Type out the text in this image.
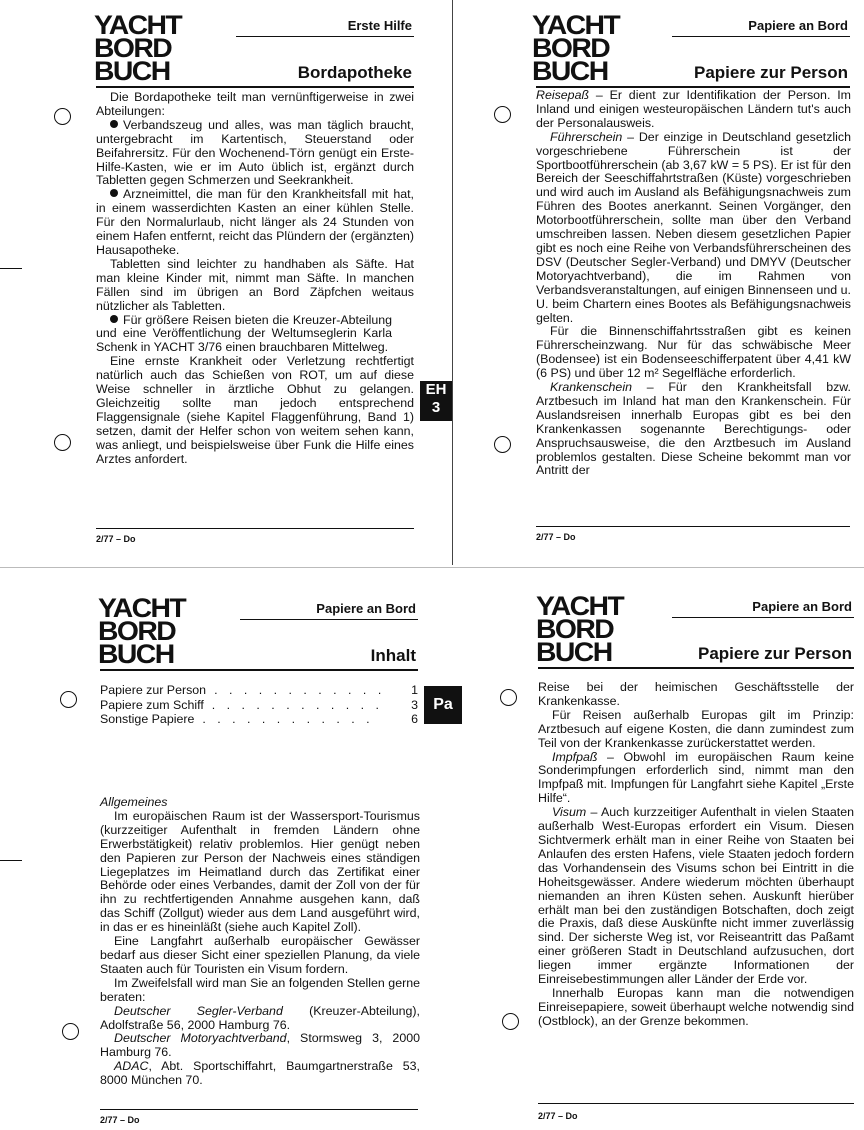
YACHT
BORD
BUCH
Erste Hilfe
Bordapotheke
EH
3

Die Bordapotheke teilt man vernünftigerweise in zwei Abteilungen:

Verbandszeug und alles, was man täglich braucht, untergebracht im Kartentisch, Steuerstand oder Beifahrersitz. Für den Wochenend-Törn genügt ein Erste-Hilfe-Kasten, wie er im Auto üblich ist, ergänzt durch Tabletten gegen Schmerzen und Seekrankheit.

Arzneimittel, die man für den Krankheitsfall mit hat, in einem wasserdichten Kasten an einer kühlen Stelle. Für den Normalurlaub, nicht länger als 24 Stunden von einem Hafen entfernt, reicht das Plündern der (ergänzten) Hausapotheke.

Tabletten sind leichter zu handhaben als Säfte. Hat man kleine Kinder mit, nimmt man Säfte. In manchen Fällen sind im übrigen an Bord Zäpfchen weitaus nützlicher als Tabletten.

Für größere Reisen bieten die Kreuzer-Abteilung und eine Veröffentlichung der Weltumseglerin Karla Schenk in YACHT 3/76 einen brauchbaren Mittelweg.

Eine ernste Krankheit oder Verletzung rechtfertigt natürlich auch das Schießen von ROT, um auf diese Weise schneller in ärztliche Obhut zu gelangen. Gleichzeitig sollte man jedoch entsprechend Flaggensignale (siehe Kapitel Flaggenführung, Band 1) setzen, damit der Helfer schon von weitem sehen kann, was anliegt, und beispielsweise über Funk die Hilfe eines Arztes anfordert.

2/77 – Do
YACHT
BORD
BUCH
Papiere an Bord
Papiere zur Person

Reisepaß – Er dient zur Identifikation der Person. Im Inland und einigen westeuropäischen Ländern tut's auch der Personalausweis.

Führerschein – Der einzige in Deutschland gesetzlich vorgeschriebene Führerschein ist der Sportbootführerschein (ab 3,67 kW = 5 PS). Er ist für den Bereich der Seeschiffahrtstraßen (Küste) vorgeschrieben und wird auch im Ausland als Befähigungsnachweis zum Führen des Bootes anerkannt. Seinen Vorgänger, den Motorbootführerschein, sollte man über den Verband umschreiben lassen. Neben diesem gesetzlichen Papier gibt es noch eine Reihe von Verbandsführerscheinen des DSV (Deutscher Segler-Verband) und DMYV (Deutscher Motoryachtverband), die im Rahmen von Verbandsveranstaltungen, auf einigen Binnenseen und u. U. beim Chartern eines Bootes als Befähigungsnachweis gelten.

Für die Binnenschiffahrtsstraßen gibt es keinen Führerscheinzwang. Nur für das schwäbische Meer (Bodensee) ist ein Bodenseeschifferpatent über 4,41 kW (6 PS) und über 12 m² Segelfläche erforderlich.

Krankenschein – Für den Krankheitsfall bzw. Arztbesuch im Inland hat man den Krankenschein. Für Auslandsreisen innerhalb Europas gibt es bei den Krankenkassen sogenannte Berechtigungs- oder Anspruchsausweise, die den Arztbesuch im Ausland problemlos gestalten. Diese Scheine bekommt man vor Antritt der

2/77 – Do
YACHT
BORD
BUCH
Papiere an Bord
Inhalt
Pa
Papiere zur Person . . . . . . . . . . . .	1
Papiere zum Schiff . . . . . . . . . . . .	3
Sonstige Papiere . . . . . . . . . . . .	6

Allgemeines

Im europäischen Raum ist der Wassersport-Tourismus (kurzzeitiger Aufenthalt in fremden Ländern ohne Erwerbstätigkeit) relativ problemlos. Hier genügt neben den Papieren zur Person der Nachweis eines ständigen Liegeplatzes im Heimatland durch das Zertifikat einer Behörde oder eines Verbandes, damit der Zoll von der für ihn zu rechtfertigenden Annahme ausgehen kann, daß das Schiff (Zollgut) wieder aus dem Land ausgeführt wird, in das er es hineinläßt (siehe auch Kapitel Zoll).

Eine Langfahrt außerhalb europäischer Gewässer bedarf aus dieser Sicht einer speziellen Planung, da viele Staaten auch für Touristen ein Visum fordern.

Im Zweifelsfall wird man Sie an folgenden Stellen gerne beraten:

Deutscher Segler-Verband (Kreuzer-Abteilung), Adolfstraße 56, 2000 Hamburg 76.

Deutscher Motoryachtverband, Stormsweg 3, 2000 Hamburg 76.

ADAC, Abt. Sportschiffahrt, Baumgartnerstraße 53, 8000 München 70.

2/77 – Do
YACHT
BORD
BUCH
Papiere an Bord
Papiere zur Person

Reise bei der heimischen Geschäftsstelle der Krankenkasse.

Für Reisen außerhalb Europas gilt im Prinzip: Arztbesuch auf eigene Kosten, die dann zumindest zum Teil von der Krankenkasse zurückerstattet werden.

Impfpaß – Obwohl im europäischen Raum keine Sonderimpfungen erforderlich sind, nimmt man den Impfpaß mit. Impfungen für Langfahrt siehe Kapitel „Erste Hilfe“.

Visum – Auch kurzzeitiger Aufenthalt in vielen Staaten außerhalb West-Europas erfordert ein Visum. Diesen Sichtvermerk erhält man in einer Reihe von Staaten bei Anlaufen des ersten Hafens, viele Staaten jedoch fordern das Vorhandensein des Visums schon bei Eintritt in die Hoheitsgewässer. Andere wiederum möchten überhaupt niemanden an ihren Küsten sehen. Auskunft hierüber erhält man bei den zuständigen Botschaften, doch zeigt die Praxis, daß diese Auskünfte nicht immer zuverlässig sind. Der sicherste Weg ist, vor Reiseantritt das Paßamt einer größeren Stadt in Deutschland aufzusuchen, dort liegen immer ergänzte Informationen der Einreisebestimmungen aller Länder der Erde vor.

Innerhalb Europas kann man die notwendigen Einreisepapiere, soweit überhaupt welche notwendig sind (Ostblock), an der Grenze bekommen.

2/77 – Do
